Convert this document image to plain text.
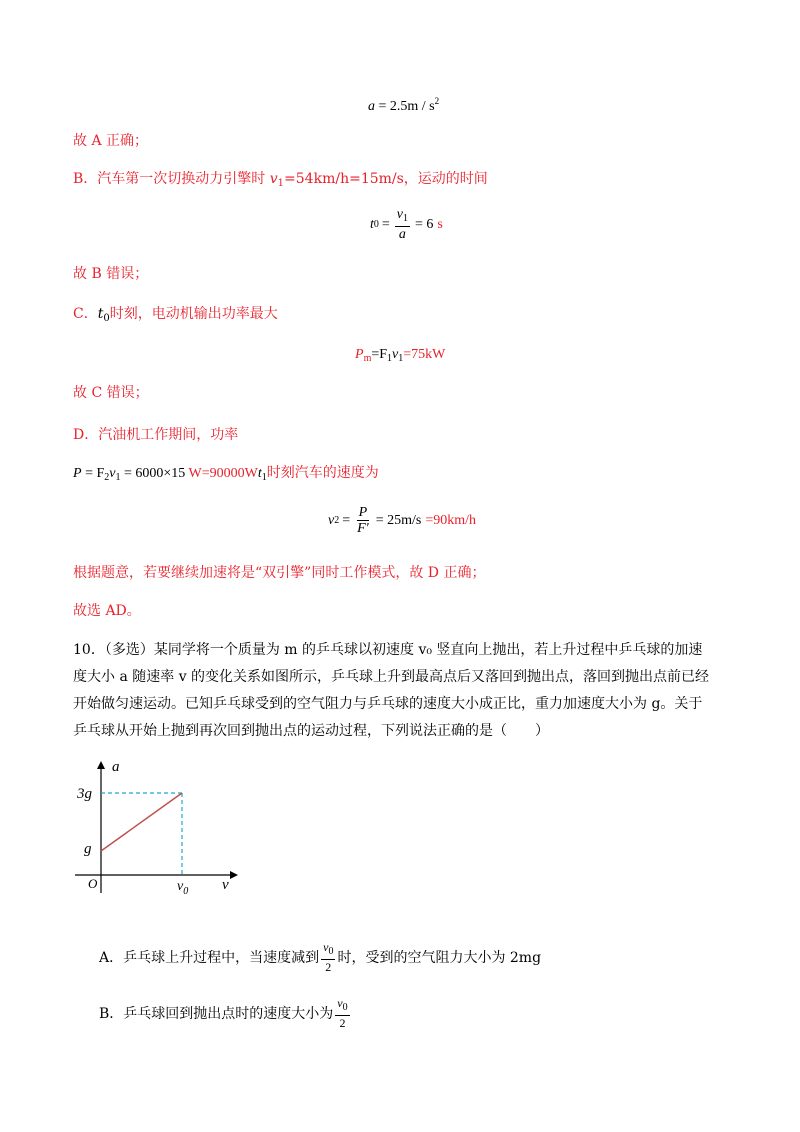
$a = 2.5m / s^2$
故 A 正确；
B．汽车第一次切换动力引擎时 $v_1=54km/h=15m/s$，运动的时间
t $0 = \frac{v_1}{a} = 6$ s
故 B 错误；
C．$t_0$时刻，电动机输出功率最大
$P_m=F_1v_1=75kW$
故 C 错误；
D．汽油机工作期间，功率
$P = F_2v_1 = 6000\times 15$ $W=90000Wt_1$时刻汽车的速度为
v $2 = \frac{P}{F'} = 25m/s =90km/h$
根据题意，若要继续加速将是“双引擎”同时工作模式，故 D 正确；
故选 AD。
10．（多选）某同学将一个质量为 m 的乒乓球以初速度 v₀ 竖直向上抛出，若上升过程中乒乓球的加速度大小 a 随速率 v 的变化关系如图所示，乒乓球上升到最高点后又落回到抛出点，落回到抛出点前已经开始做匀速运动。已知乒乓球受到的空气阻力与乒乓球的速度大小成正比，重力加速度大小为 g。关于乒乓球从开始上抛到再次回到抛出点的运动过程，下列说法正确的是（　　）
a
3g
g
O	$v_0$ v
A．乒乓球上升过程中，当速度减到 $\frac{v_0}{2}$ 时，受到的空气阻力大小为 2mg
B．乒乓球回到抛出点时的速度大小为 $\frac{v_0}{2}$
